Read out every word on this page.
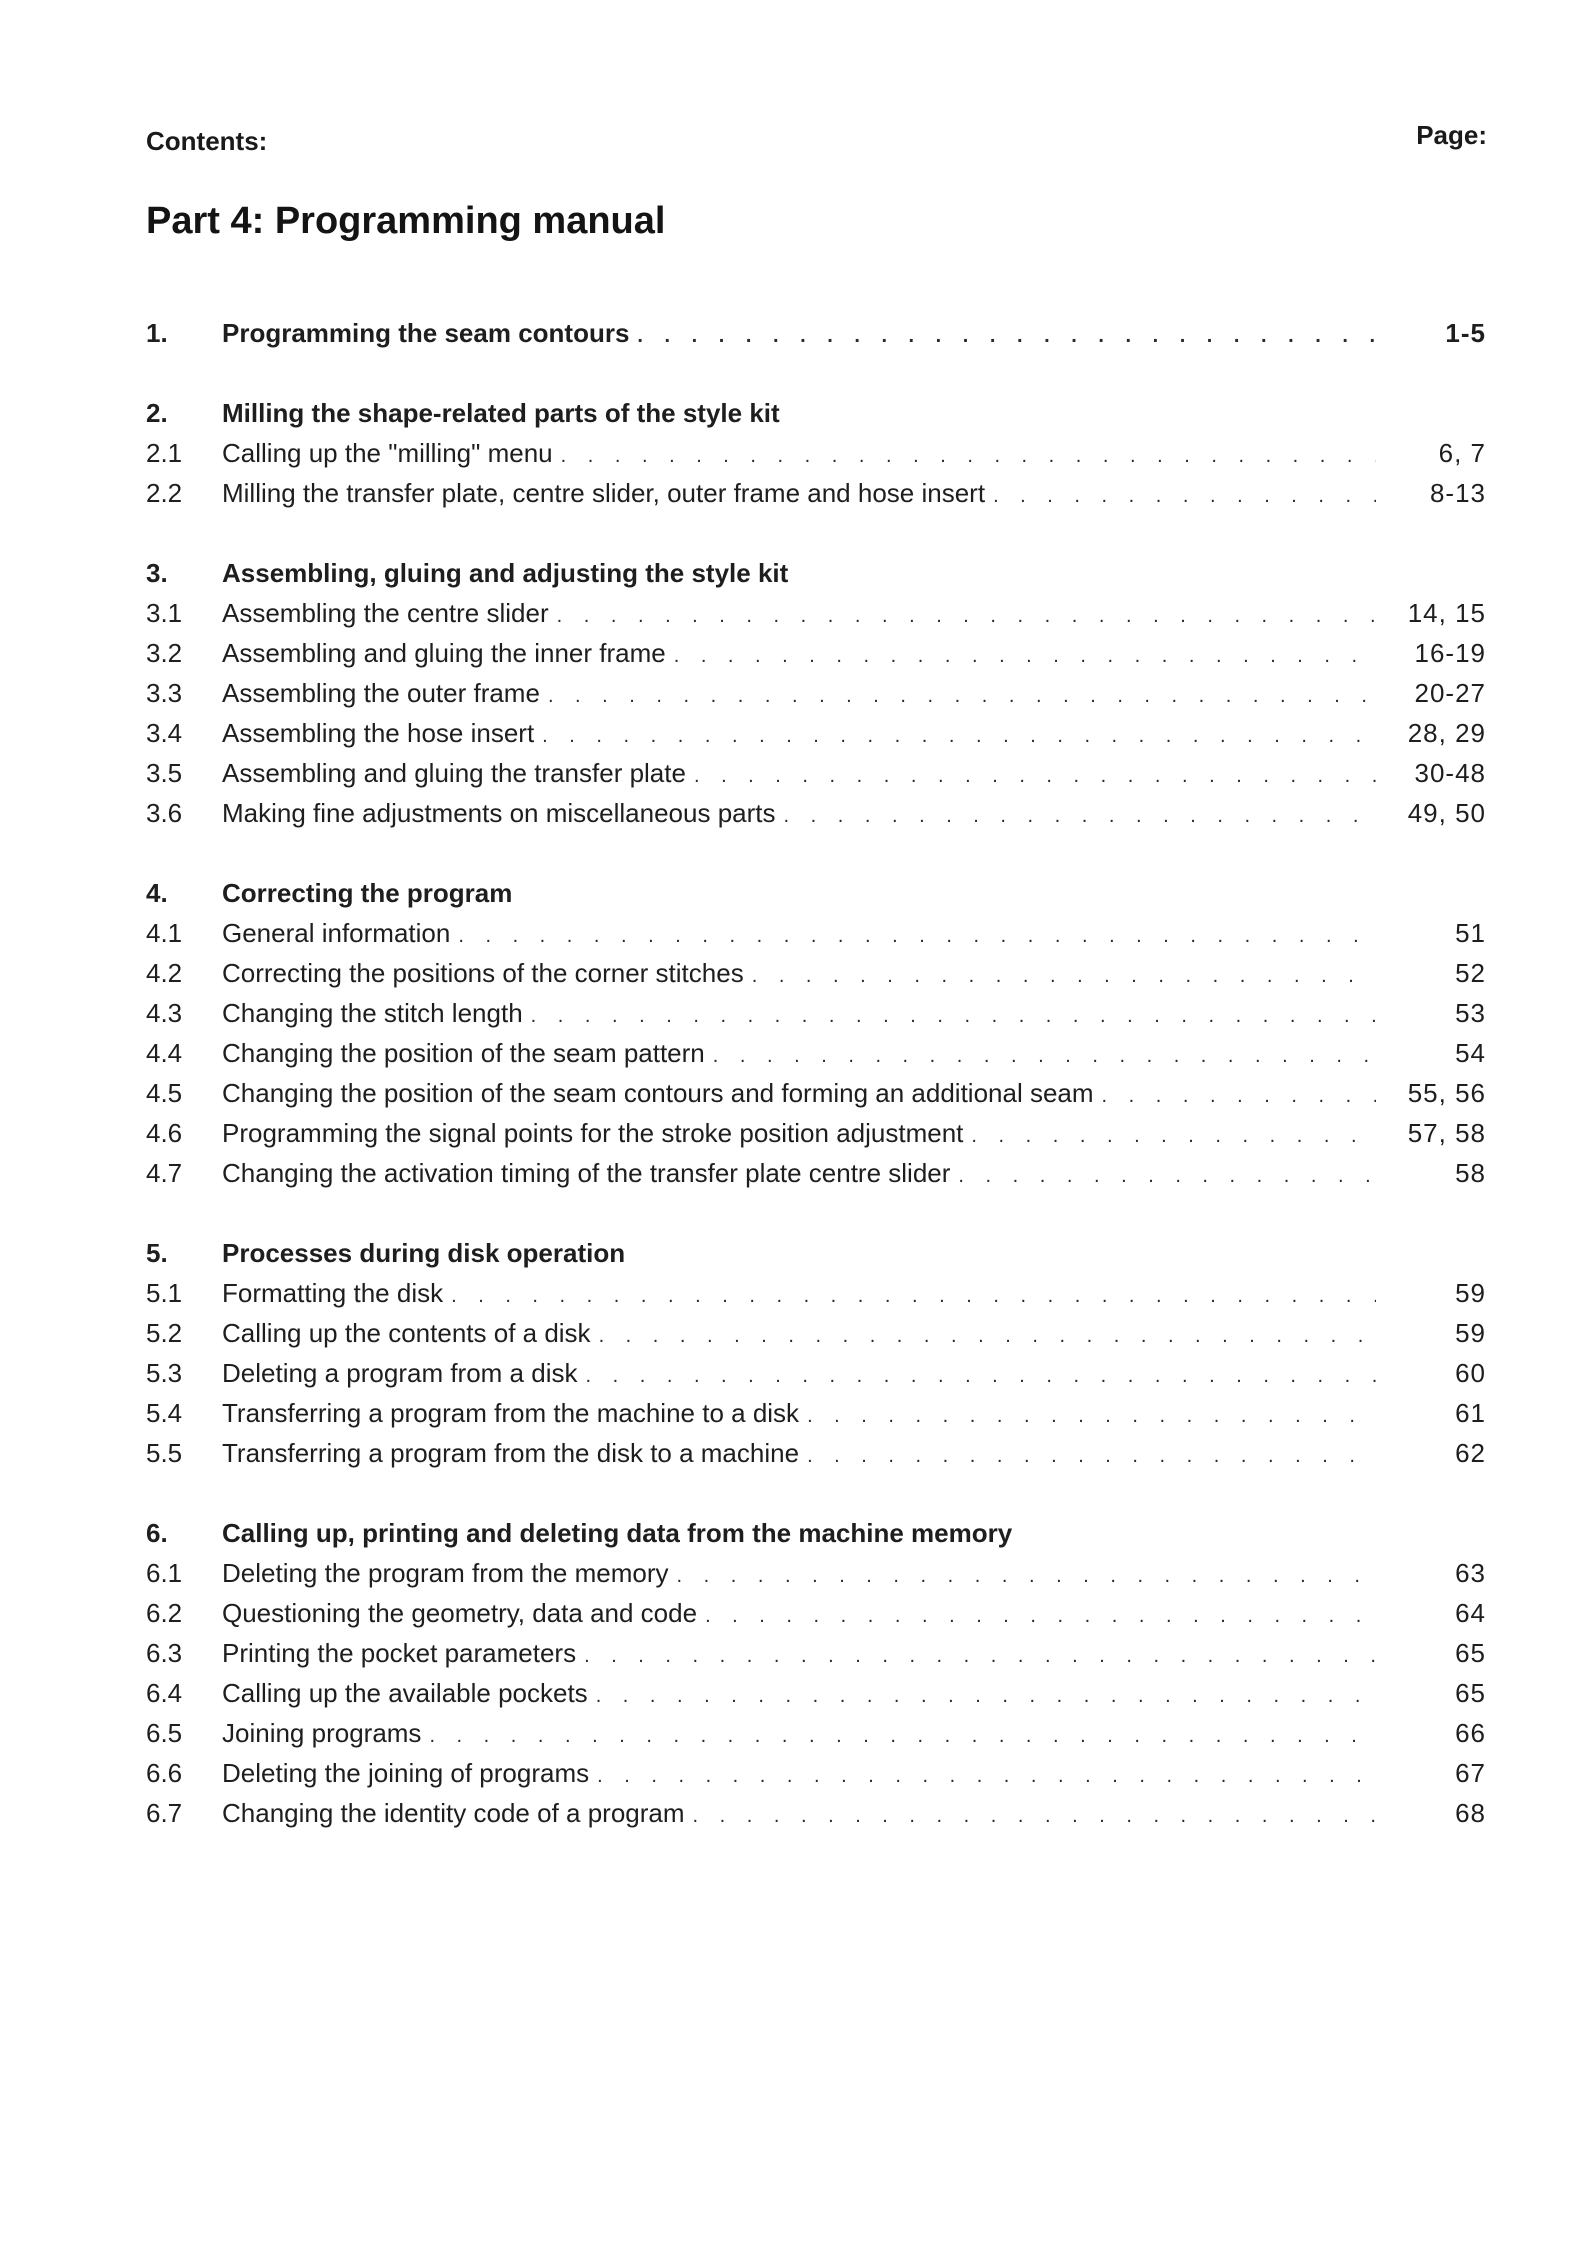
Contents:	Page:
Part 4: Programming manual
1.	Programming the seam contours . . .	1-5
2.	Milling the shape-related parts of the style kit
2.1	Calling up the "milling" menu . . .	6, 7
2.2	Milling the transfer plate, centre slider, outer frame and hose insert . . .	8-13
3.	Assembling, gluing and adjusting the style kit
3.1	Assembling the centre slider . . .	14, 15
3.2	Assembling and gluing the inner frame . . .	16-19
3.3	Assembling the outer frame . . .	20-27
3.4	Assembling the hose insert . . .	28, 29
3.5	Assembling and gluing the transfer plate . . .	30-48
3.6	Making fine adjustments on miscellaneous parts . . .	49, 50
4.	Correcting the program
4.1	General information . . .	51
4.2	Correcting the positions of the corner stitches . . .	52
4.3	Changing the stitch length . . .	53
4.4	Changing the position of the seam pattern . . .	54
4.5	Changing the position of the seam contours and forming an additional seam . . .	55, 56
4.6	Programming the signal points for the stroke position adjustment . . .	57, 58
4.7	Changing the activation timing of the transfer plate centre slider . . .	58
5.	Processes during disk operation
5.1	Formatting the disk . . .	59
5.2	Calling up the contents of a disk . . .	59
5.3	Deleting a program from a disk . . .	60
5.4	Transferring a program from the machine to a disk . . .	61
5.5	Transferring a program from the disk to a machine . . .	62
6.	Calling up, printing and deleting data from the machine memory
6.1	Deleting the program from the memory . . .	63
6.2	Questioning the geometry, data and code . . .	64
6.3	Printing the pocket parameters . . .	65
6.4	Calling up the available pockets . . .	65
6.5	Joining programs . . .	66
6.6	Deleting the joining of programs . . .	67
6.7	Changing the identity code of a program . . .	68
